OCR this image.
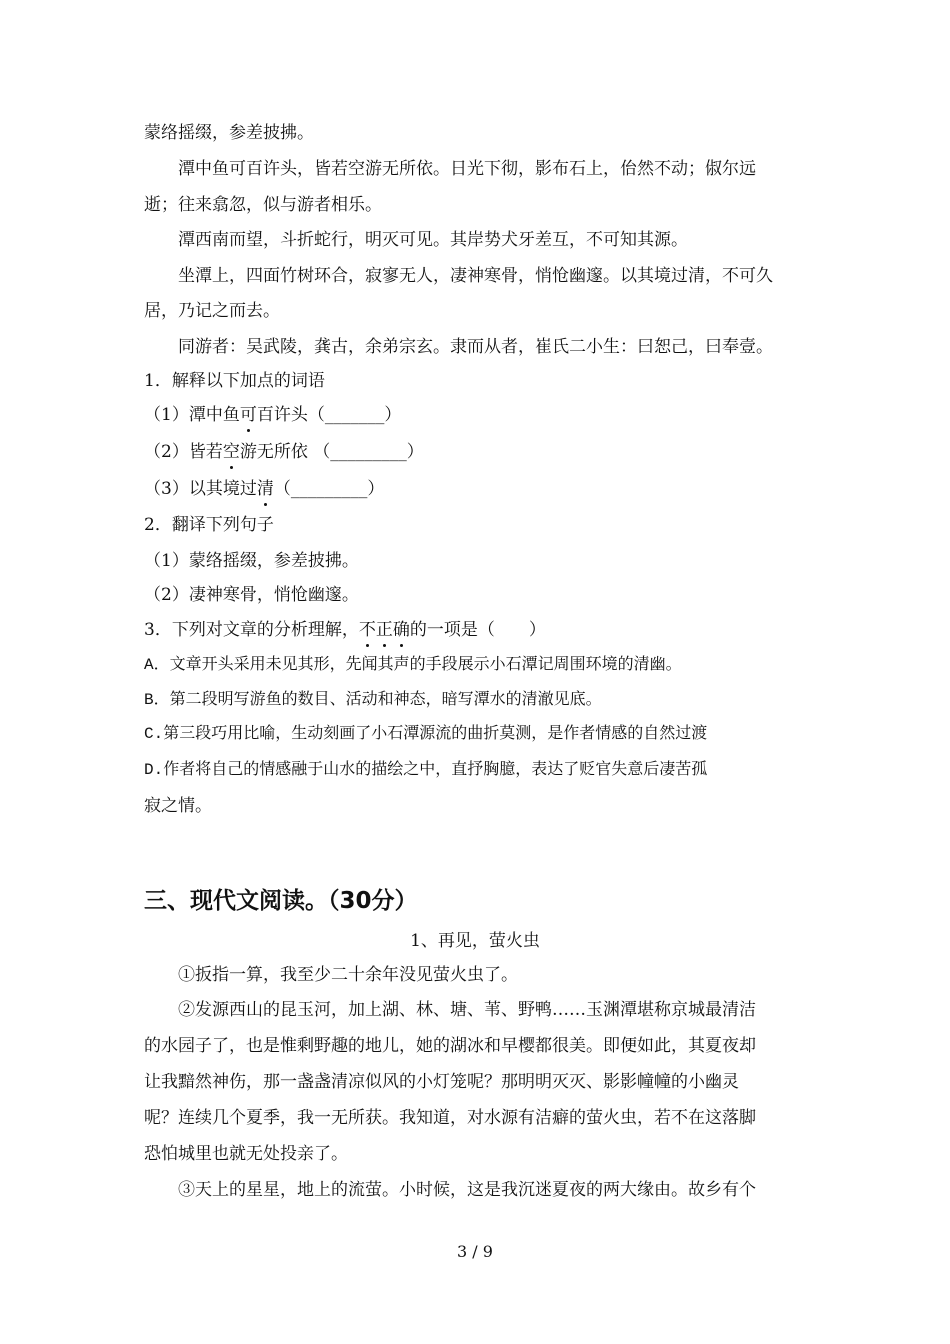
蒙络摇缀，参差披拂。
潭中鱼可百许头，皆若空游无所依。日光下彻，影布石上，佁然不动；俶尔远
逝；往来翕忽，似与游者相乐。
潭西南而望，斗折蛇行，明灭可见。其岸势犬牙差互，不可知其源。
坐潭上，四面竹树环合，寂寥无人，凄神寒骨，悄怆幽邃。以其境过清，不可久
居，乃记之而去。
同游者：吴武陵，龚古，余弟宗玄。隶而从者，崔氏二小生：曰恕己，曰奉壹。
1．解释以下加点的词语
（1）潭中鱼可百许头（_______）
（2）皆若空游无所依 （_________）
（3）以其境过清（_________）
2．翻译下列句子
（1）蒙络摇缀，参差披拂。
（2）凄神寒骨，悄怆幽邃。
3．下列对文章的分析理解，不正确的一项是（　　）
A．文章开头采用未见其形，先闻其声的手段展示小石潭记周围环境的清幽。
B．第二段明写游鱼的数目、活动和神态，暗写潭水的清澈见底。
C.第三段巧用比喻，生动刻画了小石潭源流的曲折莫测，是作者情感的自然过渡
D.作者将自己的情感融于山水的描绘之中，直抒胸臆，表达了贬官失意后凄苦孤
寂之情。
三、现代文阅读。（30分）
1、再见，萤火虫
①扳指一算，我至少二十余年没见萤火虫了。
②发源西山的昆玉河，加上湖、林、塘、苇、野鸭……玉渊潭堪称京城最清洁
的水园子了，也是惟剩野趣的地儿，她的湖冰和早樱都很美。即便如此，其夏夜却
让我黯然神伤，那一盏盏清凉似风的小灯笼呢？那明明灭灭、影影幢幢的小幽灵
呢？连续几个夏季，我一无所获。我知道，对水源有洁癖的萤火虫，若不在这落脚
恐怕城里也就无处投亲了。
③天上的星星，地上的流萤。小时候，这是我沉迷夏夜的两大缘由。故乡有个
3 / 9
